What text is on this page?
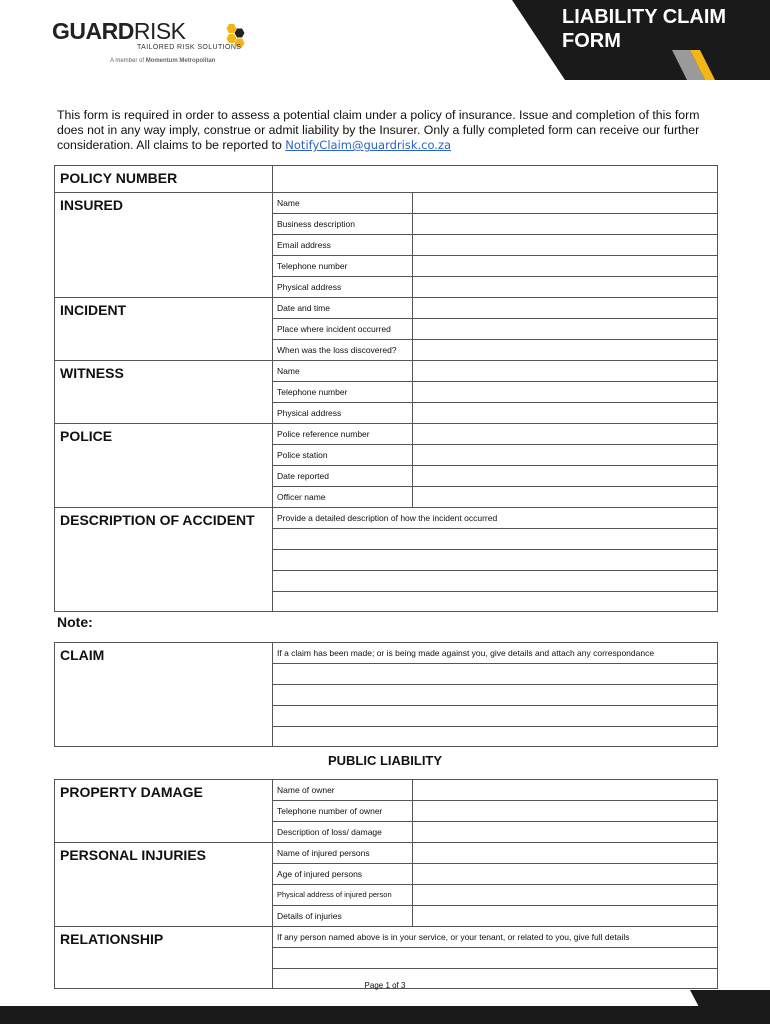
GUARDRISK
TAILORED RISK SOLUTIONS
A member of Momentum Metropolitan
LIABILITY CLAIM
FORM
This form is required in order to assess a potential claim under a policy of insurance. Issue and completion of this form does not in any way imply, construe or admit liability by the Insurer. Only a fully completed form can receive our further consideration. All claims to be reported to NotifyClaim@guardrisk.co.za
POLICY NUMBER		
INSURED	Name	
	Business description	
	Email address	
	Telephone number	
	Physical address	
INCIDENT	Date and time	
	Place where incident occurred	
	When was the loss discovered?	
WITNESS	Name	
	Telephone number	
	Physical address	
POLICE	Police reference number	
	Police station	
	Date reported	
	Officer name	
DESCRIPTION OF ACCIDENT	Provide a detailed description of how the incident occurred	

Note:
CLAIM	If a claim has been made; or is being made against you, give details and attach any correspondance

PUBLIC LIABILITY
PROPERTY DAMAGE	Name of owner	
	Telephone number of owner	
	Description of loss/ damage	
PERSONAL INJURIES	Name of injured persons	
	Age of injured persons	
	Physical address of injured person	
	Details of injuries	
RELATIONSHIP	If any person named above is in your service, or your tenant, or related to you, give full details	

Page 1 of 3
